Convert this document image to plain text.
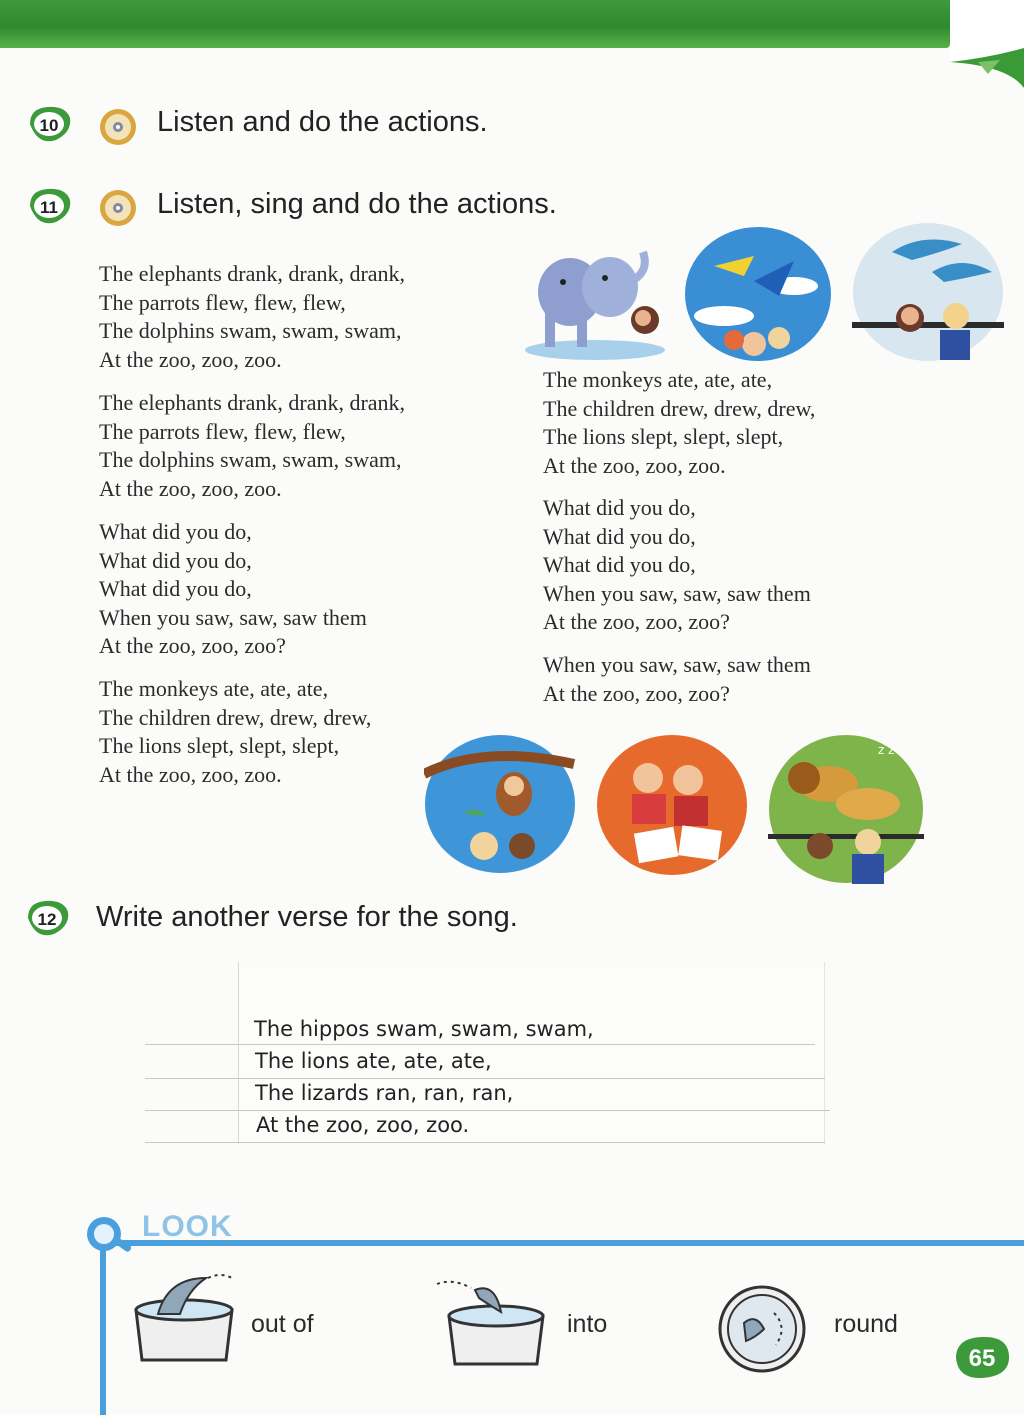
10	Listen and do the actions.
11	Listen, sing and do the actions.
The elephants drank, drank, drank,
The parrots flew, flew, flew,
The dolphins swam, swam, swam,
At the zoo, zoo, zoo.
The elephants drank, drank, drank,
The parrots flew, flew, flew,
The dolphins swam, swam, swam,
At the zoo, zoo, zoo.
What did you do,
What did you do,
What did you do,
When you saw, saw, saw them
At the zoo, zoo, zoo?
The monkeys ate, ate, ate,
The children drew, drew, drew,
The lions slept, slept, slept,
At the zoo, zoo, zoo.
The monkeys ate, ate, ate,
The children drew, drew, drew,
The lions slept, slept, slept,
At the zoo, zoo, zoo.
What did you do,
What did you do,
What did you do,
When you saw, saw, saw them
At the zoo, zoo, zoo?
When you saw, saw, saw them
At the zoo, zoo, zoo?
z z z
12 Write another verse for the song.
The hippos swam, swam, swam,
The lions ate, ate, ate,
The lizards ran, ran, ran,
At the zoo, zoo, zoo.
LOOK
out of	into	round
65
